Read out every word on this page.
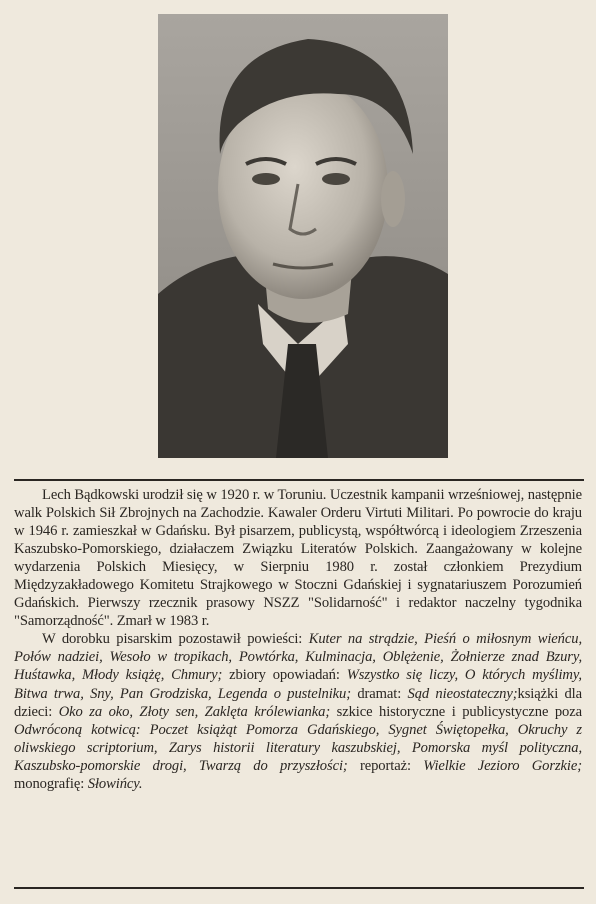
Lech Bądkowski urodził się w 1920 r. w Toruniu. Uczestnik kampanii wrześniowej, następnie walk Polskich Sił Zbrojnych na Zachodzie. Kawaler Orderu Virtuti Militari. Po powrocie do kraju w 1946 r. zamieszkał w Gdańsku. Był pisarzem, publicystą, współtwórcą i ideologiem Zrzeszenia Kaszubsko-Pomorskiego, działaczem Związku Literatów Polskich. Zaangażowany w kolejne wydarzenia Polskich Miesięcy, w Sierpniu 1980 r. został członkiem Prezydium Międzyzakładowego Komitetu Strajkowego w Stoczni Gdańskiej i sygnatariuszem Porozumień Gdańskich. Pierwszy rzecznik prasowy NSZZ "Solidarność" i redaktor naczelny tygodnika "Samorządność". Zmarł w 1983 r.

W dorobku pisarskim pozostawił powieści: Kuter na strądzie, Pieśń o miłosnym wieńcu, Połów nadziei, Wesoło w tropikach, Powtórka, Kulminacja, Oblężenie, Żołnierze znad Bzury, Huśtawka, Młody książę, Chmury; zbiory opowiadań: Wszystko się liczy, O których myślimy, Bitwa trwa, Sny, Pan Grodziska, Legenda o pustelniku; dramat: Sąd nieostateczny;książki dla dzieci: Oko za oko, Złoty sen, Zaklęta królewianka; szkice historyczne i publicystyczne poza Odwróconą kotwicą: Poczet książąt Pomorza Gdańskiego, Sygnet Świętopełka, Okruchy z oliwskiego scriptorium, Zarys historii literatury kaszubskiej, Pomorska myśl polityczna, Kaszubsko-pomorskie drogi, Twarzą do przyszłości; reportaż: Wielkie Jezioro Gorzkie; monografię: Słowińcy.
